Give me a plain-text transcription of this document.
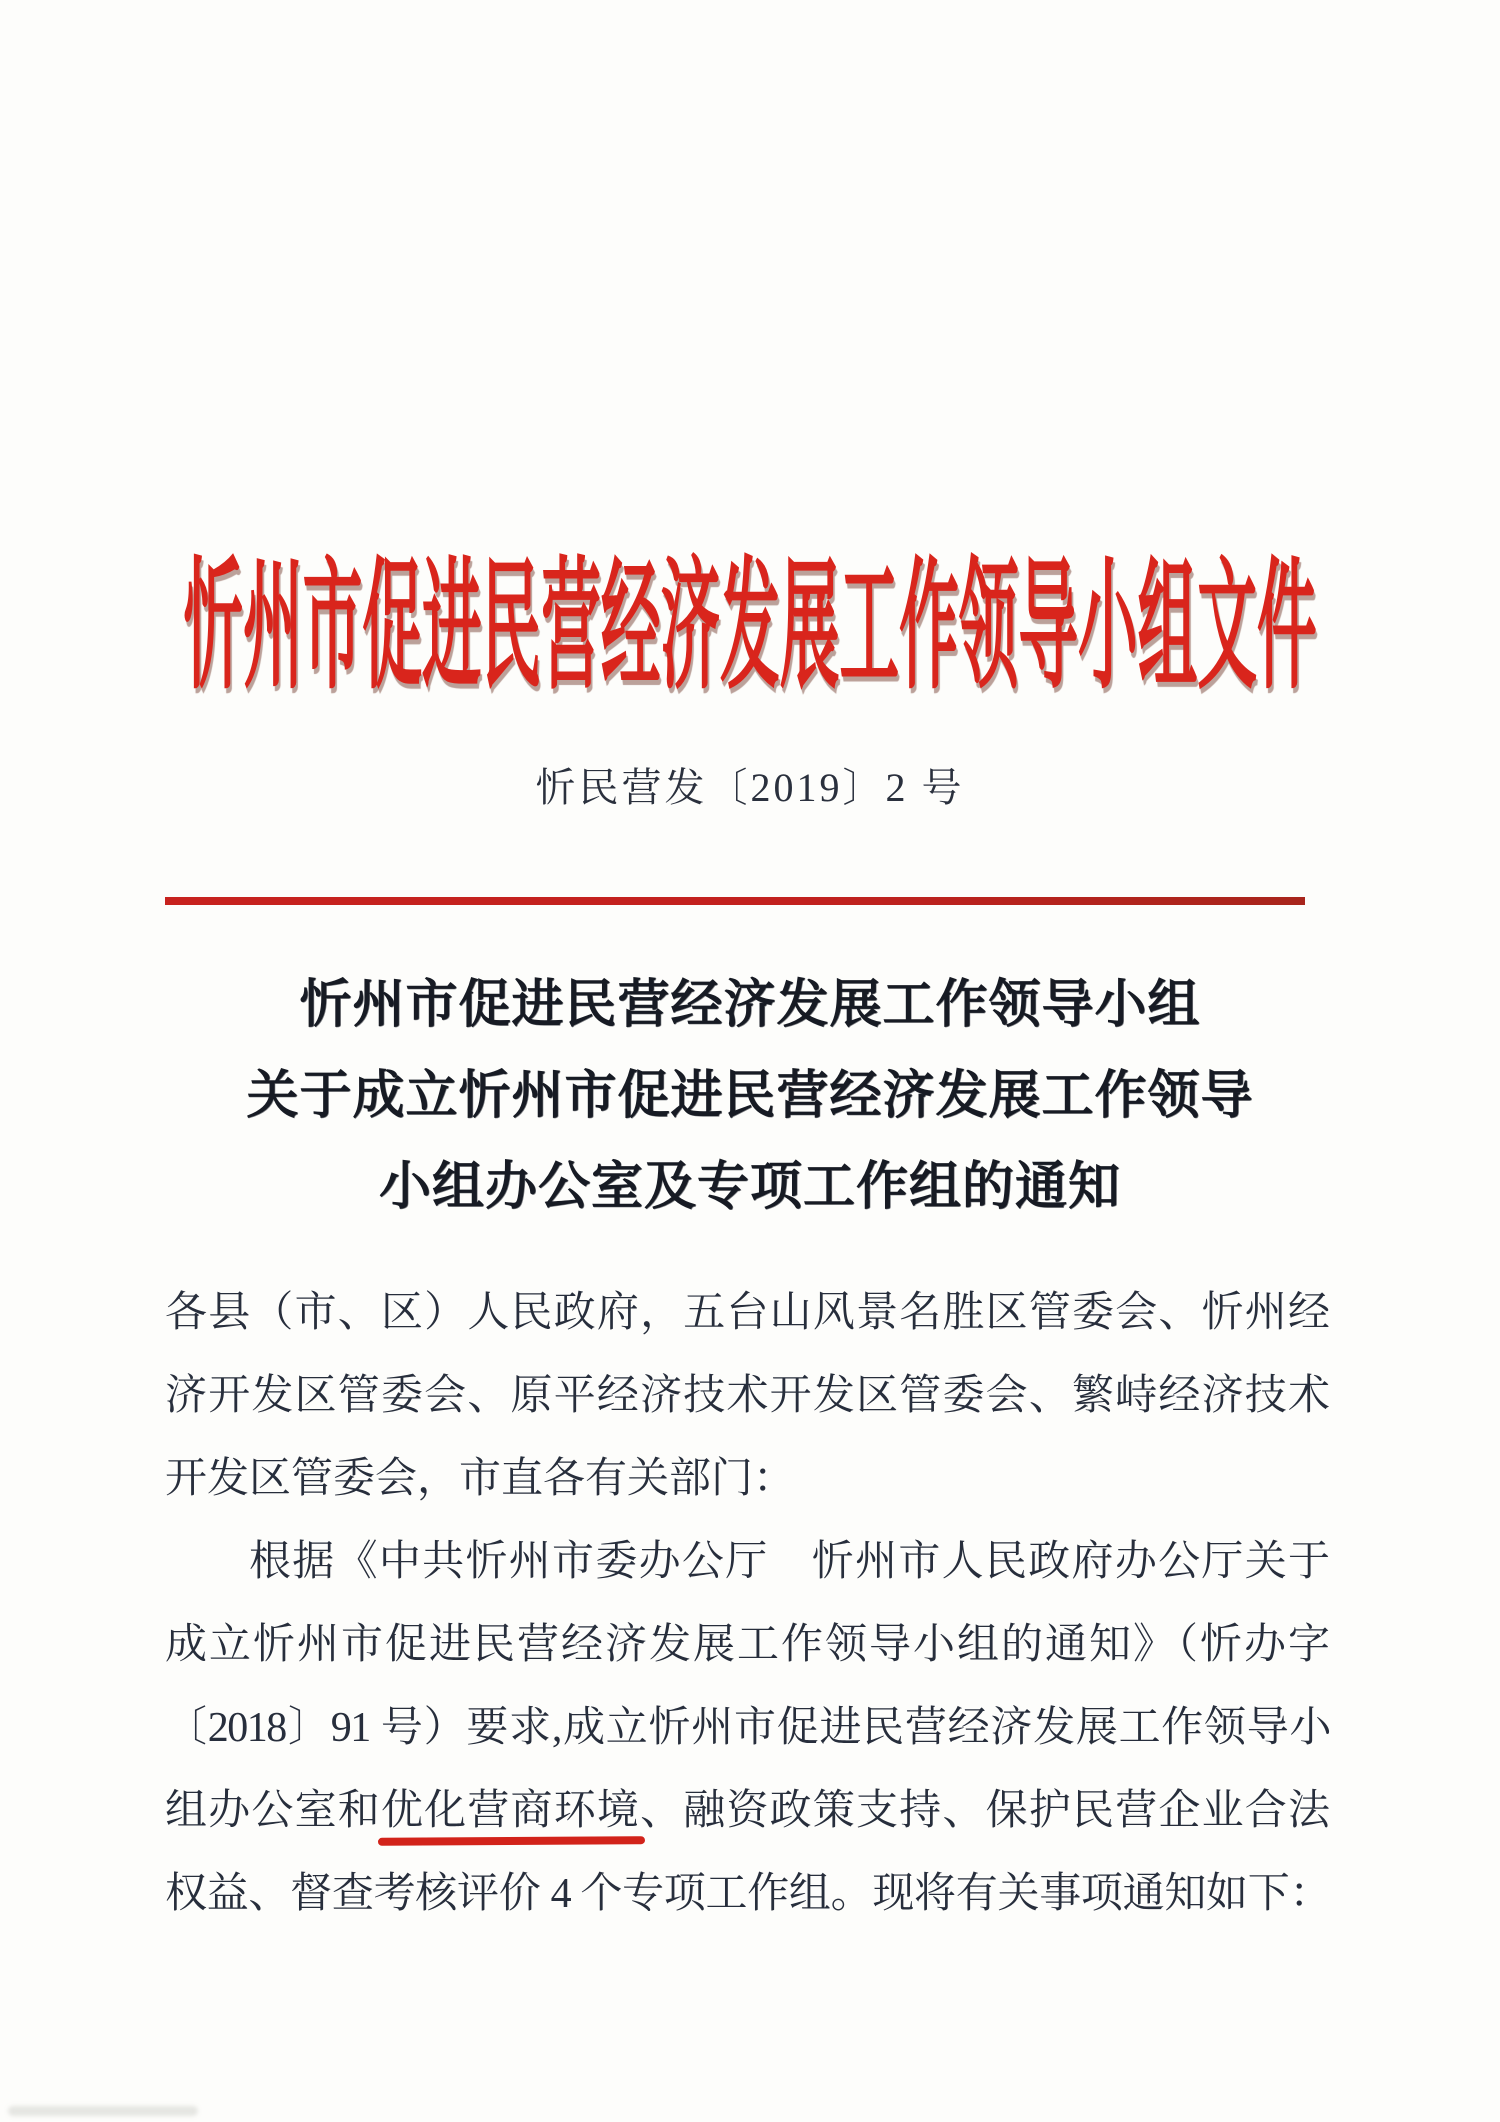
忻州市促进民营经济发展工作领导小组文件
忻民营发〔2019〕2 号
忻州市促进民营经济发展工作领导小组
关于成立忻州市促进民营经济发展工作领导
小组办公室及专项工作组的通知
各县（市、区）人民政府，五台山风景名胜区管委会、忻州经
济开发区管委会、原平经济技术开发区管委会、繁峙经济技术
开发区管委会，市直各有关部门：
根据《中共忻州市委办公厅　忻州市人民政府办公厅关于
成立忻州市促进民营经济发展工作领导小组的通知》（忻办字
〔2018〕91 号）要求,成立忻州市促进民营经济发展工作领导小
组办公室和优化营商环境、融资政策支持、保护民营企业合法
权益、督查考核评价 4 个专项工作组。现将有关事项通知如下：
